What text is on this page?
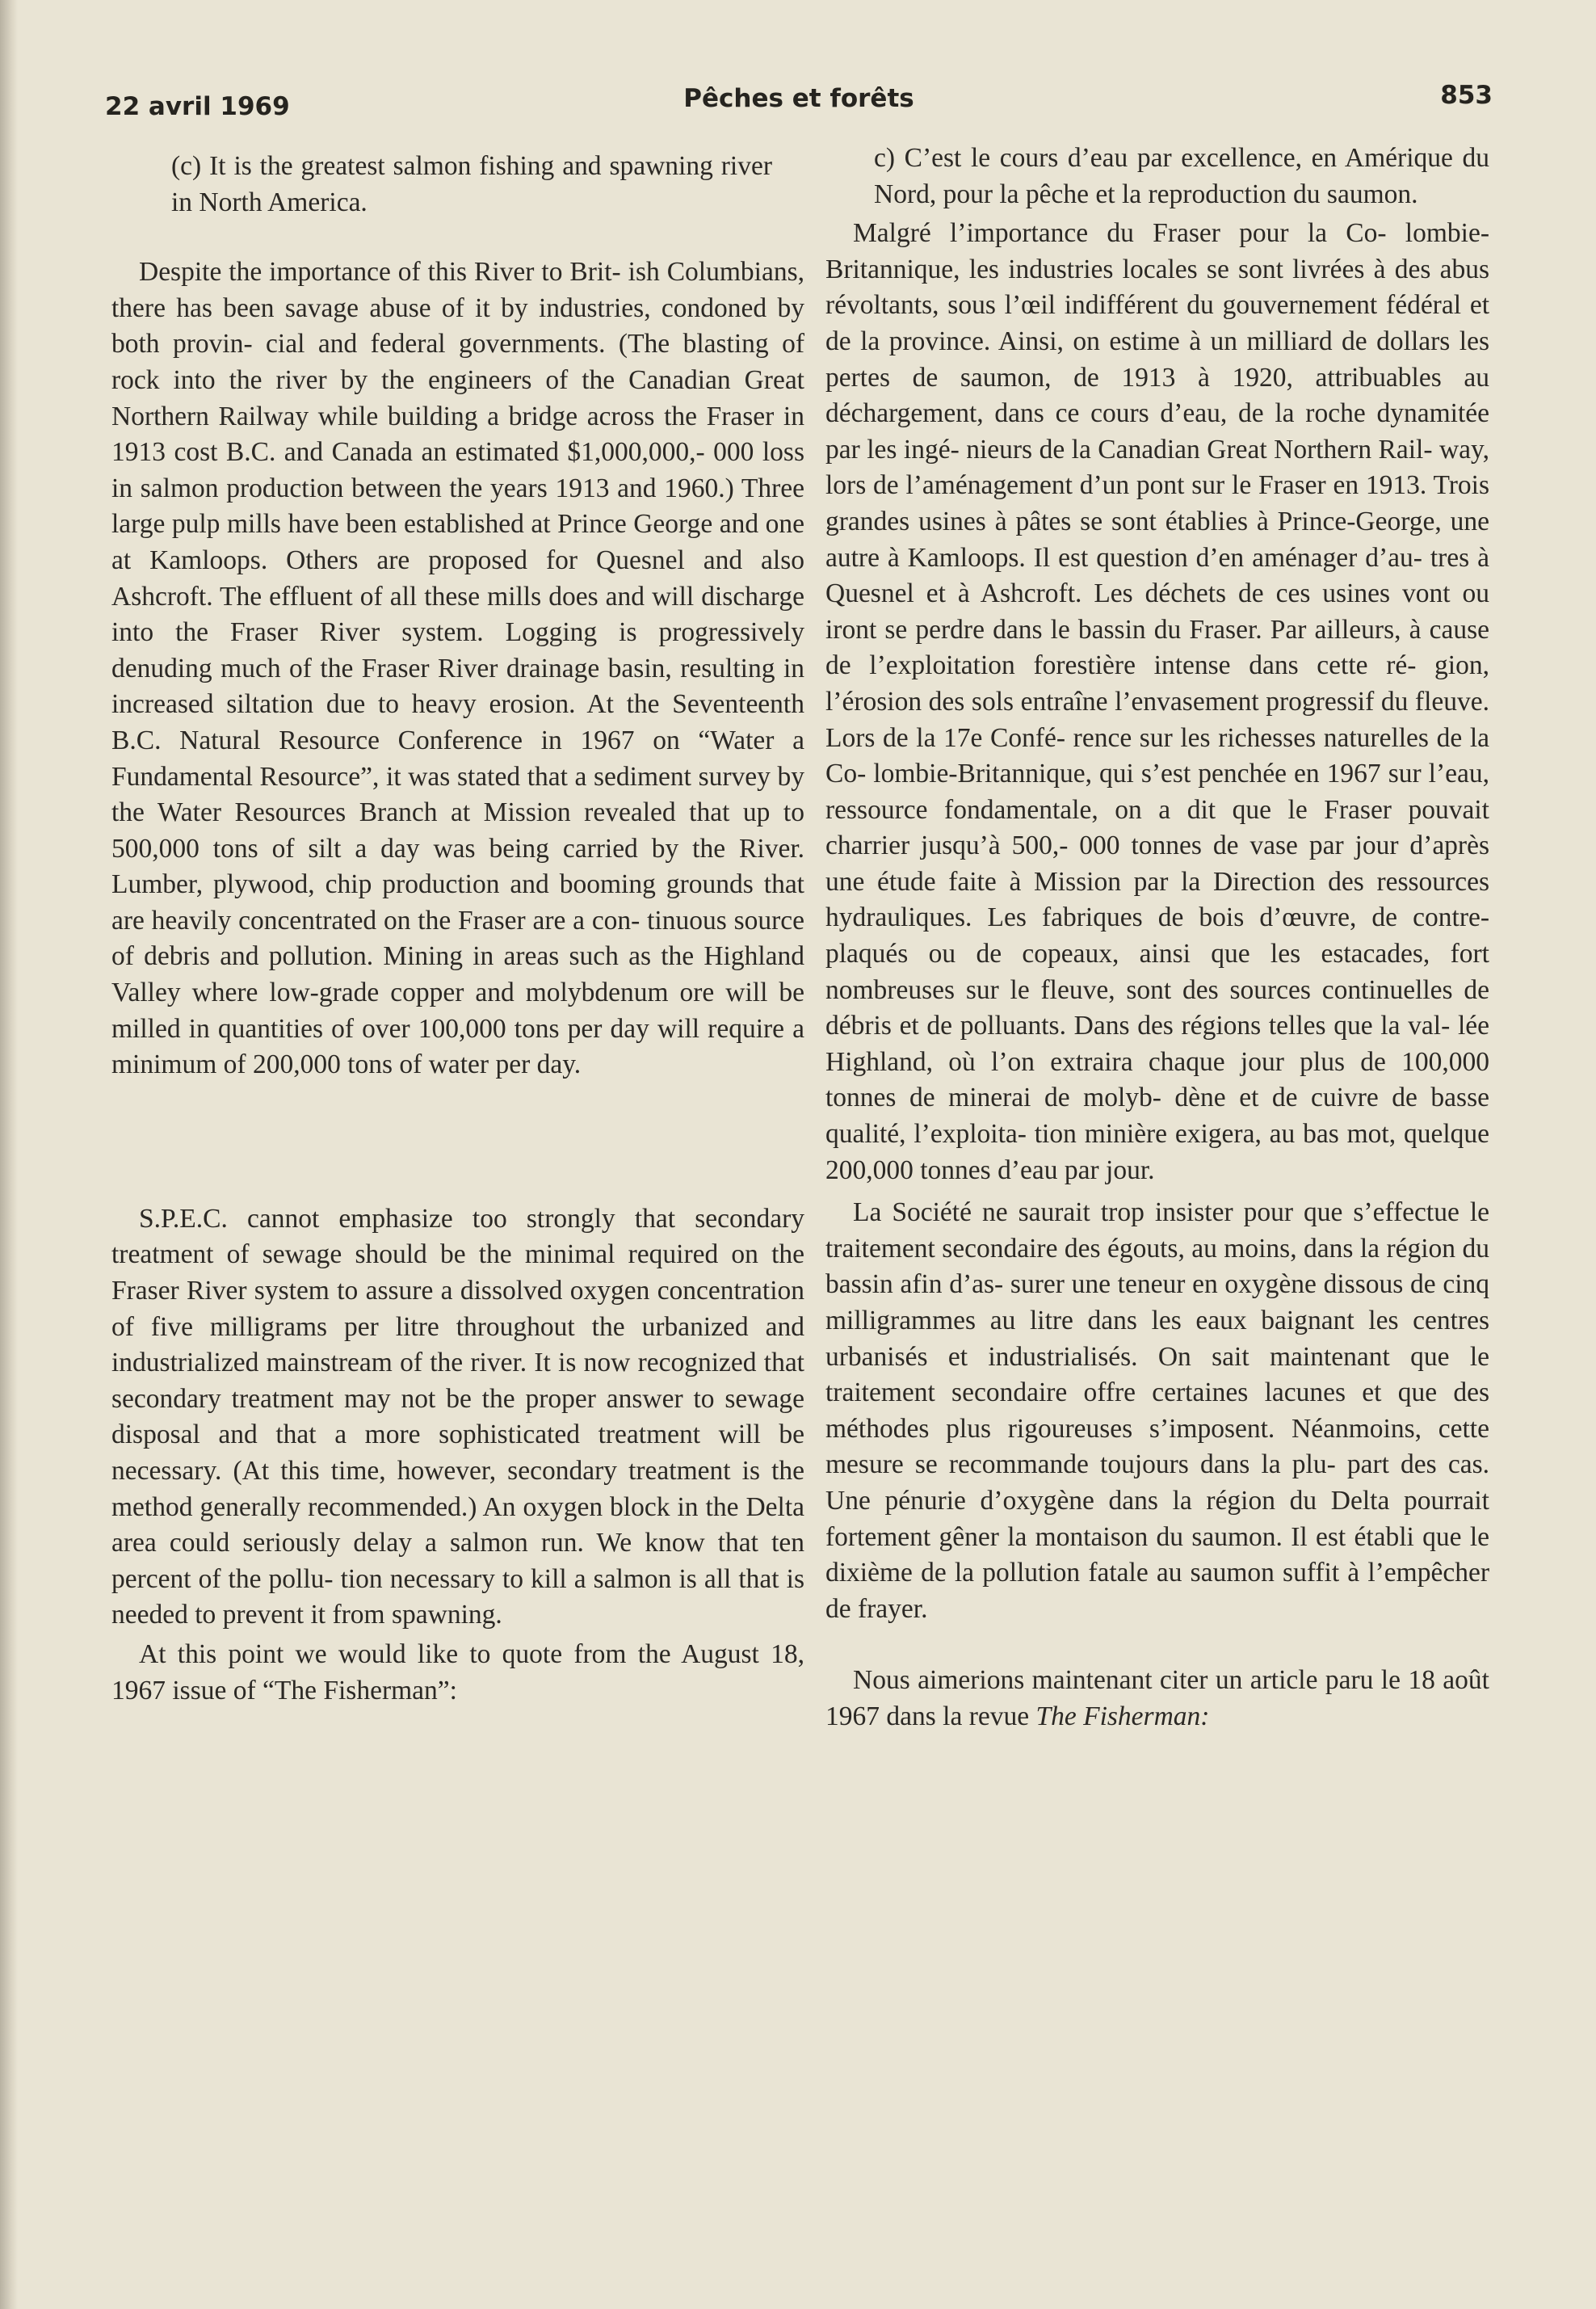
22 avril 1969	Pêches et forêts	853

(c) It is the greatest salmon fishing and spawning river in North America.

Despite the importance of this River to Brit- ish Columbians, there has been savage abuse of it by industries, condoned by both provin- cial and federal governments. (The blasting of rock into the river by the engineers of the Canadian Great Northern Railway while building a bridge across the Fraser in 1913 cost B.C. and Canada an estimated $1,000,000,- 000 loss in salmon production between the years 1913 and 1960.) Three large pulp mills have been established at Prince George and one at Kamloops. Others are proposed for Quesnel and also Ashcroft. The effluent of all these mills does and will discharge into the Fraser River system. Logging is progressively denuding much of the Fraser River drainage basin, resulting in increased siltation due to heavy erosion. At the Seventeenth B.C. Natural Resource Conference in 1967 on “Water a Fundamental Resource”, it was stated that a sediment survey by the Water Resources Branch at Mission revealed that up to 500,000 tons of silt a day was being carried by the River. Lumber, plywood, chip production and booming grounds that are heavily concentrated on the Fraser are a con- tinuous source of debris and pollution. Mining in areas such as the Highland Valley where low-grade copper and molybdenum ore will be milled in quantities of over 100,000 tons per day will require a minimum of 200,000 tons of water per day.

S.P.E.C. cannot emphasize too strongly that secondary treatment of sewage should be the minimal required on the Fraser River system to assure a dissolved oxygen concentration of five milligrams per litre throughout the urbanized and industrialized mainstream of the river. It is now recognized that secondary treatment may not be the proper answer to sewage disposal and that a more sophisticated treatment will be necessary. (At this time, however, secondary treatment is the method generally recommended.) An oxygen block in the Delta area could seriously delay a salmon run. We know that ten percent of the pollu- tion necessary to kill a salmon is all that is needed to prevent it from spawning.

At this point we would like to quote from the August 18, 1967 issue of “The Fisherman”:

c) C’est le cours d’eau par excellence, en Amérique du Nord, pour la pêche et la reproduction du saumon.

Malgré l’importance du Fraser pour la Co- lombie-Britannique, les industries locales se sont livrées à des abus révoltants, sous l’œil indifférent du gouvernement fédéral et de la province. Ainsi, on estime à un milliard de dollars les pertes de saumon, de 1913 à 1920, attribuables au déchargement, dans ce cours d’eau, de la roche dynamitée par les ingé- nieurs de la Canadian Great Northern Rail- way, lors de l’aménagement d’un pont sur le Fraser en 1913. Trois grandes usines à pâtes se sont établies à Prince-George, une autre à Kamloops. Il est question d’en aménager d’au- tres à Quesnel et à Ashcroft. Les déchets de ces usines vont ou iront se perdre dans le bassin du Fraser. Par ailleurs, à cause de l’exploitation forestière intense dans cette ré- gion, l’érosion des sols entraîne l’envasement progressif du fleuve. Lors de la 17e Confé- rence sur les richesses naturelles de la Co- lombie-Britannique, qui s’est penchée en 1967 sur l’eau, ressource fondamentale, on a dit que le Fraser pouvait charrier jusqu’à 500,- 000 tonnes de vase par jour d’après une étude faite à Mission par la Direction des ressources hydrauliques. Les fabriques de bois d’œuvre, de contre-plaqués ou de copeaux, ainsi que les estacades, fort nombreuses sur le fleuve, sont des sources continuelles de débris et de polluants. Dans des régions telles que la val- lée Highland, où l’on extraira chaque jour plus de 100,000 tonnes de minerai de molyb- dène et de cuivre de basse qualité, l’exploita- tion minière exigera, au bas mot, quelque 200,000 tonnes d’eau par jour.

La Société ne saurait trop insister pour que s’effectue le traitement secondaire des égouts, au moins, dans la région du bassin afin d’as- surer une teneur en oxygène dissous de cinq milligrammes au litre dans les eaux baignant les centres urbanisés et industrialisés. On sait maintenant que le traitement secondaire offre certaines lacunes et que des méthodes plus rigoureuses s’imposent. Néanmoins, cette mesure se recommande toujours dans la plu- part des cas. Une pénurie d’oxygène dans la région du Delta pourrait fortement gêner la montaison du saumon. Il est établi que le dixième de la pollution fatale au saumon suffit à l’empêcher de frayer.

Nous aimerions maintenant citer un article paru le 18 août 1967 dans la revue The Fisherman:
